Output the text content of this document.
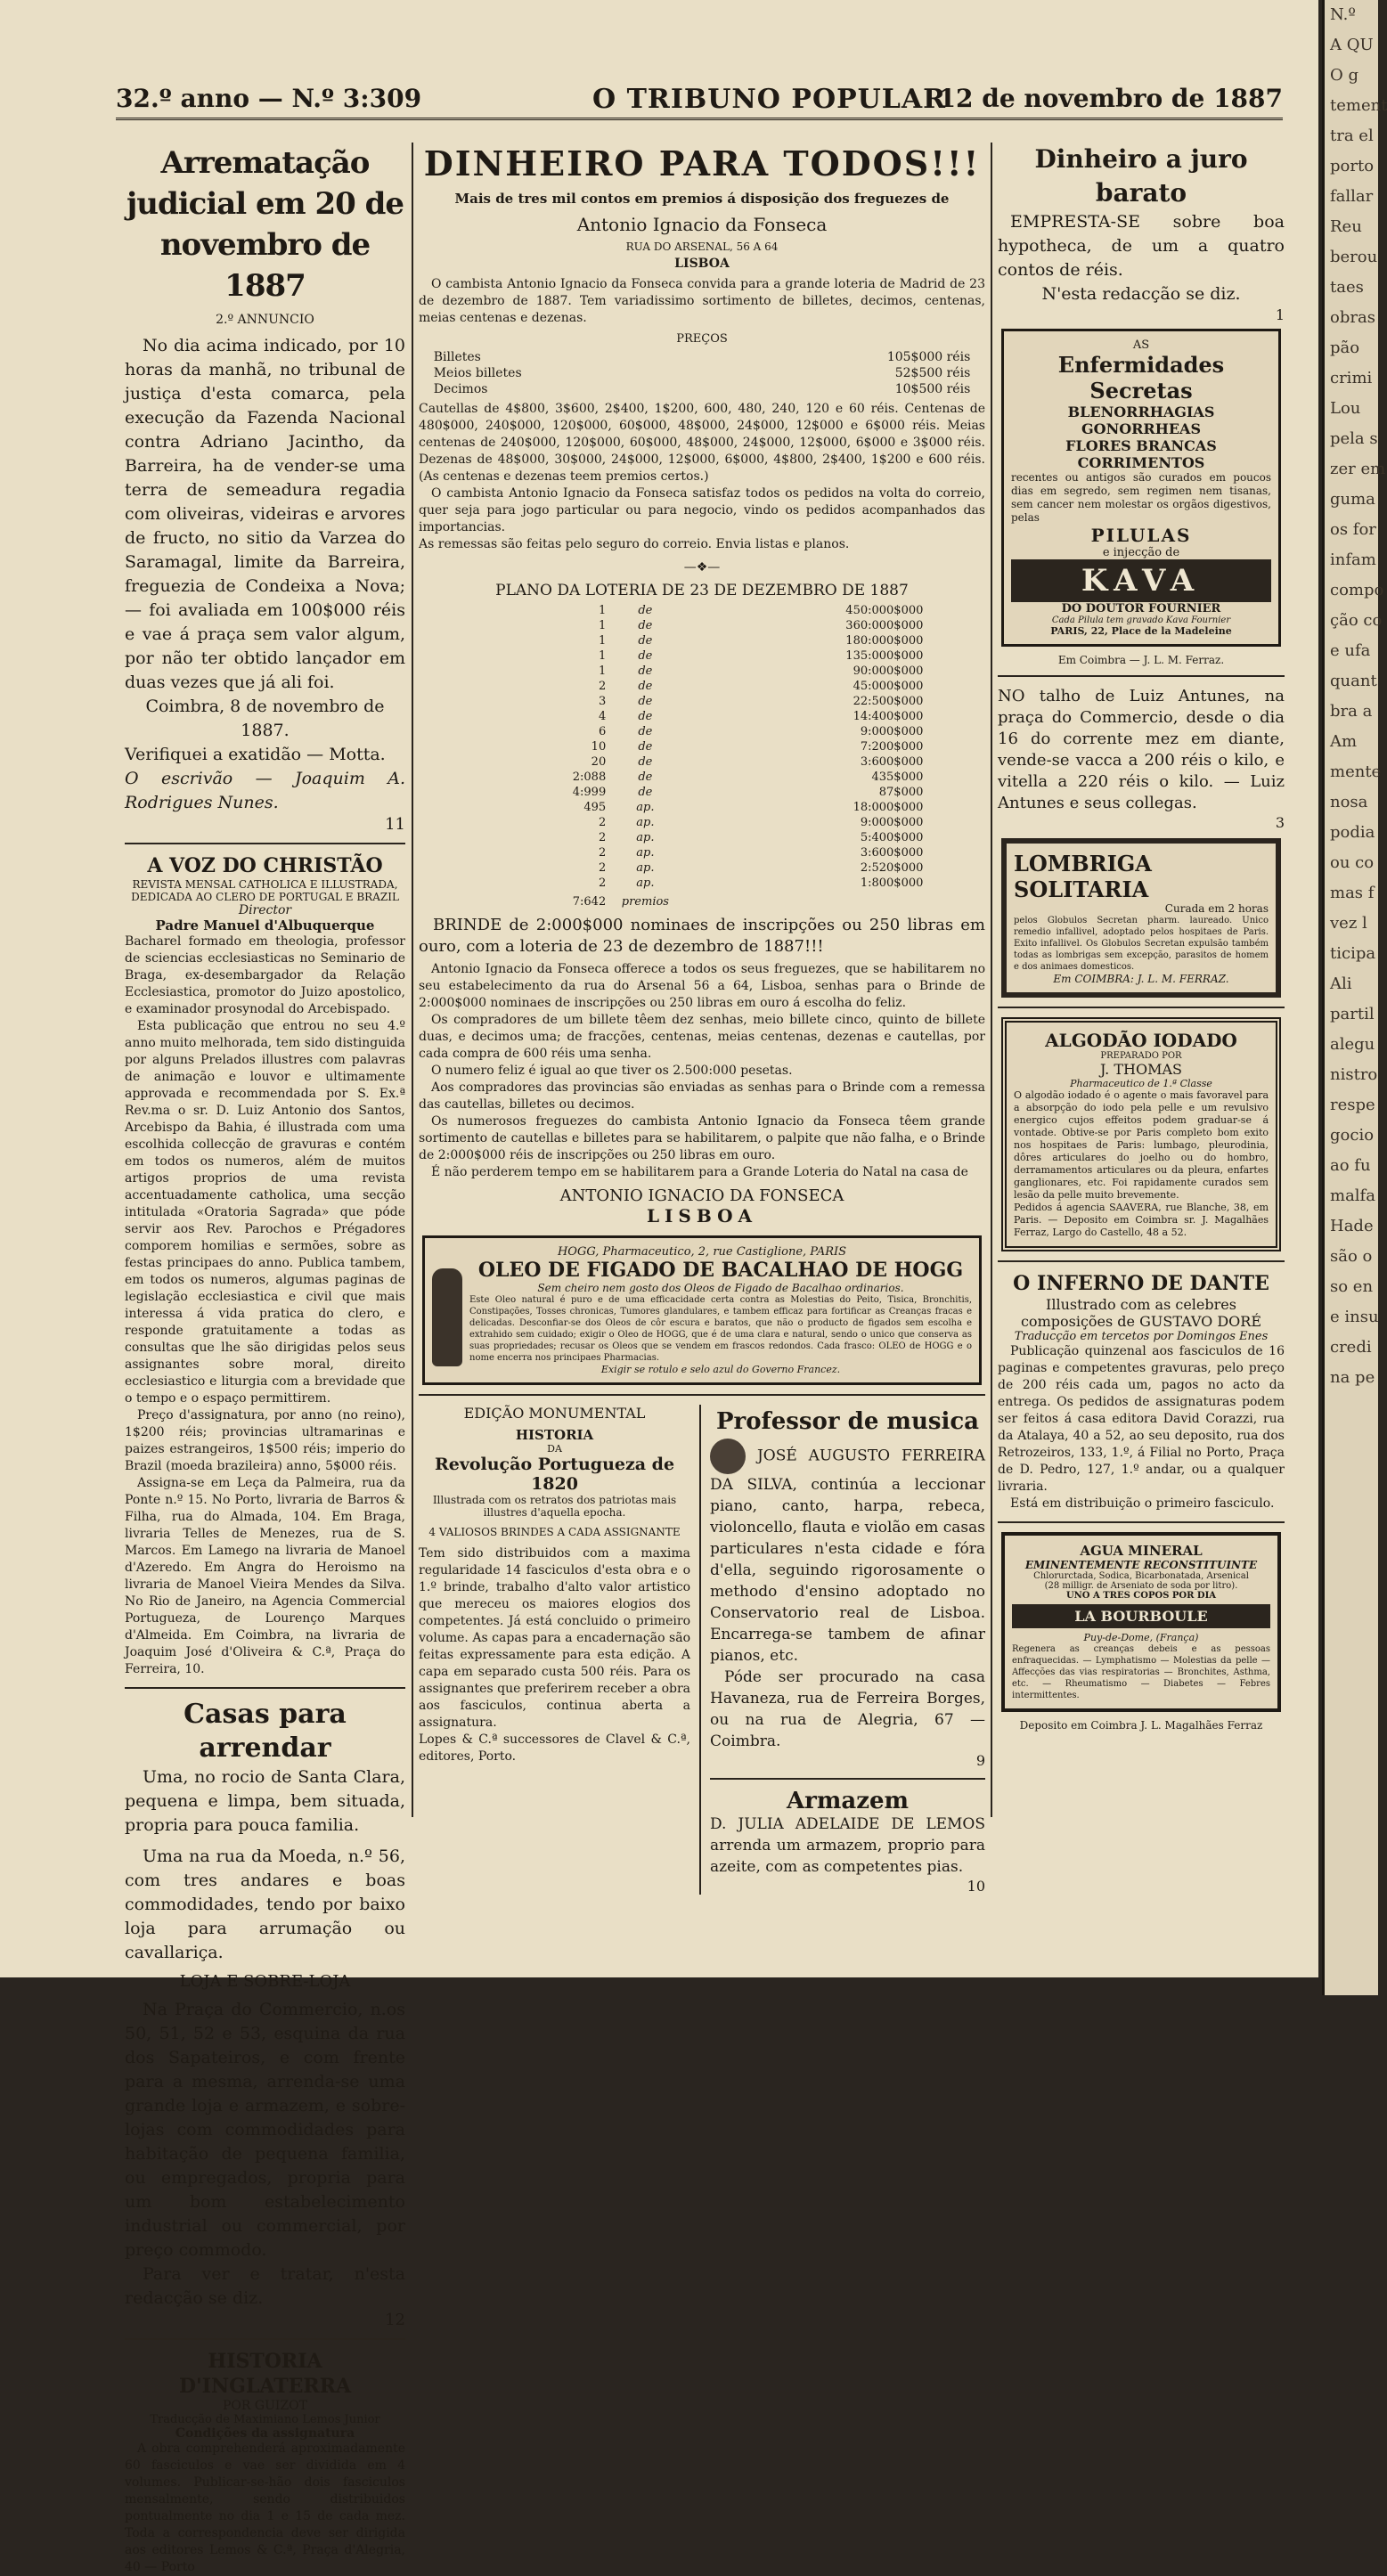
32.º anno — N.º 3:309	O TRIBUNO POPULAR
12 de novembro de 1887
Arrematação judicial em 20 de novembro de 1887
2.º ANNUNCIO

No dia acima indicado, por 10 horas da manhã, no tribunal de justiça d'esta comarca, pela execução da Fazenda Nacional contra Adriano Jacintho, da Barreira, ha de vender-se uma terra de semeadura regadia com oliveiras, videiras e arvores de fructo, no sitio da Varzea do Saramagal, limite da Barreira, freguezia de Condeixa a Nova; — foi avaliada em 100$000 réis e vae á praça sem valor algum, por não ter obtido lançador em duas vezes que já ali foi.

Coimbra, 8 de novembro de 1887.

Verifiquei a exatidão — Motta.

O escrivão — Joaquim A. Rodrigues Nunes.

11
A VOZ DO CHRISTÃO
REVISTA MENSAL CATHOLICA E ILLUSTRADA,
DEDICADA AO CLERO DE PORTUGAL E BRAZIL
Director
Padre Manuel d'Albuquerque

Bacharel formado em theologia, professor de sciencias ecclesiasticas no Seminario de Braga, ex-desembargador da Relação Ecclesiastica, promotor do Juizo apostolico, e examinador prosynodal do Arcebispado.

Esta publicação que entrou no seu 4.º anno muito melhorada, tem sido distinguida por alguns Prelados illustres com palavras de animação e louvor e ultimamente approvada e recommendada por S. Ex.ª Rev.ma o sr. D. Luiz Antonio dos Santos, Arcebispo da Bahia, é illustrada com uma escolhida collecção de gravuras e contém em todos os numeros, além de muitos artigos proprios de uma revista accentuadamente catholica, uma secção intitulada «Oratoria Sagrada» que póde servir aos Rev. Parochos e Prégadores comporem homilias e sermões, sobre as festas principaes do anno. Publica tambem, em todos os numeros, algumas paginas de legislação ecclesiastica e civil que mais interessa á vida pratica do clero, e responde gratuitamente a todas as consultas que lhe são dirigidas pelos seus assignantes sobre moral, direito ecclesiastico e liturgia com a brevidade que o tempo e o espaço permittirem.

Preço d'assignatura, por anno (no reino), 1$200 réis; provincias ultramarinas e paizes estrangeiros, 1$500 réis; imperio do Brazil (moeda brazileira) anno, 5$000 réis.

Assigna-se em Leça da Palmeira, rua da Ponte n.º 15. No Porto, livraria de Barros & Filha, rua do Almada, 104. Em Braga, livraria Telles de Menezes, rua de S. Marcos. Em Lamego na livraria de Manoel d'Azeredo. Em Angra do Heroismo na livraria de Manoel Vieira Mendes da Silva. No Rio de Janeiro, na Agencia Commercial Portugueza, de Lourenço Marques d'Almeida. Em Coimbra, na livraria de Joaquim José d'Oliveira & C.ª, Praça do Ferreira, 10.

Casas para arrendar

Uma, no rocio de Santa Clara, pequena e limpa, bem situada, propria para pouca familia.

Uma na rua da Moeda, n.º 56, com tres andares e boas commodidades, tendo por baixo loja para arrumação ou cavallariça.

LOJA E SOBRE-LOJA

Na Praça do Commercio, n.os 50, 51, 52 e 53, esquina da rua dos Sapateiros, e com frente para a mesma, arrenda-se uma grande loja e armazem, e sobre-lojas com commodidades para habitação de pequena familia, ou empregados, propria para um bom estabelecimento industrial ou commercial, por preço commodo.

Para ver e tratar, n'esta redacção se diz.

12
HISTORIA D'INGLATERRA
POR GUIZOT
Traducção de Maximiano Lemos Junior
Condições da assignatura

A obra comprehenderá aproximadamente 60 fasciculos e vae ser dividida em 4 volumes. Publicar-se-hão dois fasciculos mensalmente, sendo distribuidos pontualmente no dia 1 e 15 de cada mez. Toda a correspondencia deve ser dirigida aos editores Lemos & C.ª, Praça d'Alegria, 40 — Porto

DINHEIRO PARA TODOS!!!
Mais de tres mil contos em premios á disposição dos freguezes de
Antonio Ignacio da Fonseca
RUA DO ARSENAL, 56 A 64
LISBOA

O cambista Antonio Ignacio da Fonseca convida para a grande loteria de Madrid de 23 de dezembro de 1887. Tem variadissimo sortimento de billetes, decimos, centenas, meias centenas e dezenas.

PREÇOS
Billetes	105$000 réis
Meios billetes	52$500 réis
Decimos	10$500 réis

Cautellas de 4$800, 3$600, 2$400, 1$200, 600, 480, 240, 120 e 60 réis. Centenas de 480$000, 240$000, 120$000, 60$000, 48$000, 24$000, 12$000 e 6$000 réis. Meias centenas de 240$000, 120$000, 60$000, 48$000, 24$000, 12$000, 6$000 e 3$000 réis. Dezenas de 48$000, 30$000, 24$000, 12$000, 6$000, 4$800, 2$400, 1$200 e 600 réis. (As centenas e dezenas teem premios certos.)

O cambista Antonio Ignacio da Fonseca satisfaz todos os pedidos na volta do correio, quer seja para jogo particular ou para negocio, vindo os pedidos acompanhados das importancias.

As remessas são feitas pelo seguro do correio. Envia listas e planos.

—❖—
PLANO DA LOTERIA DE 23 DE DEZEMBRO DE 1887
1	de	450:000$000
1	de	360:000$000
1	de	180:000$000
1	de	135:000$000
1	de	90:000$000
2	de	45:000$000
3	de	22:500$000
4	de	14:400$000
6	de	9:000$000
10	de	7:200$000
20	de	3:600$000
2:088	de	435$000
4:999	de	87$000
495	ap.	18:000$000
2	ap.	9:000$000
2	ap.	5:400$000
2	ap.	3:600$000
2	ap.	2:520$000
2	ap.	1:800$000
7:642	premios	

BRINDE de 2:000$000 nominaes de inscripções ou 250 libras em ouro, com a loteria de 23 de dezembro de 1887!!!

Antonio Ignacio da Fonseca offerece a todos os seus freguezes, que se habilitarem no seu estabelecimento da rua do Arsenal 56 a 64, Lisboa, senhas para o Brinde de 2:000$000 nominaes de inscripções ou 250 libras em ouro á escolha do feliz.

Os compradores de um billete têem dez senhas, meio billete cinco, quinto de billete duas, e decimos uma; de fracções, centenas, meias centenas, dezenas e cautellas, por cada compra de 600 réis uma senha.

O numero feliz é igual ao que tiver os 2.500:000 pesetas.

Aos compradores das provincias são enviadas as senhas para o Brinde com a remessa das cautellas, billetes ou decimos.

Os numerosos freguezes do cambista Antonio Ignacio da Fonseca têem grande sortimento de cautellas e billetes para se habilitarem, o palpite que não falha, e o Brinde de 2:000$000 réis de inscripções ou 250 libras em ouro.

É não perderem tempo em se habilitarem para a Grande Loteria do Natal na casa de

ANTONIO IGNACIO DA FONSECA
LISBOA
HOGG, Pharmaceutico, 2, rue Castiglione, PARIS
OLEO DE FIGADO DE BACALHAO DE HOGG
Sem cheiro nem gosto dos Oleos de Figado de Bacalhao ordinarios.

Este Oleo natural é puro e de uma efficacidade certa contra as Molestias do Peito, Tisica, Bronchitis, Constipações, Tosses chronicas, Tumores glandulares, e tambem efficaz para fortificar as Creanças fracas e delicadas. Desconfiar-se dos Oleos de côr escura e baratos, que não o producto de figados sem escolha e extrahido sem cuidado; exigir o Oleo de HOGG, que é de uma clara e natural, sendo o unico que conserva as suas propriedades; recusar os Oleos que se vendem em frascos redondos. Cada frasco: OLEO de HOGG e o nome encerra nos principaes Pharmacias.

Exigir se rotulo e selo azul do Governo Francez.
EDIÇÃO MONUMENTAL
HISTORIA
DA
Revolução Portugueza de 1820
Illustrada com os retratos dos patriotas mais illustres d'aquella epocha.
4 VALIOSOS BRINDES A CADA ASSIGNANTE

Tem sido distribuidos com a maxima regularidade 14 fasciculos d'esta obra e o 1.º brinde, trabalho d'alto valor artistico que mereceu os maiores elogios dos competentes. Já está concluido o primeiro volume. As capas para a encadernação são feitas expressamente para esta edição. A capa em separado custa 500 réis. Para os assignantes que preferirem receber a obra aos fasciculos, continua aberta a assignatura.

Lopes & C.ª successores de Clavel & C.ª, editores, Porto.

Professor de musica

JOSÉ AUGUSTO FERREIRA DA SILVA, continúa a leccionar piano, canto, harpa, rebeca, violoncello, flauta e violão em casas particulares n'esta cidade e fóra d'ella, seguindo rigorosamente o methodo d'ensino adoptado no Conservatorio real de Lisboa. Encarrega-se tambem de afinar pianos, etc.

Póde ser procurado na casa Havaneza, rua de Ferreira Borges, ou na rua de Alegria, 67 — Coimbra.

9
Armazem

D. JULIA ADELAIDE DE LEMOS arrenda um armazem, proprio para azeite, com as competentes pias.

10
Dinheiro a juro barato

EMPRESTA-SE sobre boa hypotheca, de um a quatro contos de réis.

N'esta redacção se diz.

1
AS
Enfermidades Secretas
BLENORRHAGIAS
GONORRHEAS
FLORES BRANCAS
CORRIMENTOS

recentes ou antigos são curados em poucos dias em segredo, sem regimen nem tisanas, sem cancer nem molestar os orgãos digestivos, pelas

PILULAS
e injecção de
KAVA
DO DOUTOR FOURNIER
Cada Pilula tem gravado Kava Fournier
PARIS, 22, Place de la Madeleine
Em Coimbra — J. L. M. Ferraz.

NO talho de Luiz Antunes, na praça do Commercio, desde o dia 16 do corrente mez em diante, vende-se vacca a 200 réis o kilo, e vitella a 220 réis o kilo. — Luiz Antunes e seus collegas.

3
LOMBRIGA SOLITARIA
Curada em 2 horas

pelos Globulos Secretan pharm. laureado. Unico remedio infallivel, adoptado pelos hospitaes de Paris. Exito infallivel. Os Globulos Secretan expulsão também todas as lombrigas sem excepção, parasitos de homem e dos animaes domesticos.

Em COIMBRA: J. L. M. FERRAZ.
ALGODÃO IODADO
PREPARADO POR
J. THOMAS
Pharmaceutico de 1.ª Classe

O algodão iodado é o agente o mais favoravel para a absorpção do iodo pela pelle e um revulsivo energico cujos effeitos podem graduar-se á vontade. Obtive-se por Paris completo bom exito nos hospitaes de Paris: lumbago, pleurodinia, dôres articulares do joelho ou do hombro, derramamentos articulares ou da pleura, enfartes ganglionares, etc. Foi rapidamente curados sem lesão da pelle muito brevemente.

Pedidos á agencia SAAVERA, rue Blanche, 38, em Paris. — Deposito em Coimbra sr. J. Magalhães Ferraz, Largo do Castello, 48 a 52.

O INFERNO DE DANTE
Illustrado com as celebres composições de GUSTAVO DORÉ
Traducção em tercetos por Domingos Enes

Publicação quinzenal aos fasciculos de 16 paginas e competentes gravuras, pelo preço de 200 réis cada um, pagos no acto da entrega. Os pedidos de assignaturas podem ser feitos á casa editora David Corazzi, rua da Atalaya, 40 a 52, ao seu deposito, rua dos Retrozeiros, 133, 1.º, á Filial no Porto, Praça de D. Pedro, 127, 1.º andar, ou a qualquer livraria.

Está em distribuição o primeiro fasciculo.

AGUA MINERAL
EMINENTEMENTE RECONSTITUINTE
Chlorurctada, Sodica, Bicarbonatada, Arsenical
(28 milligr. de Arseniato de soda por litro).
UNO A TRES COPOS POR DIA
LA BOURBOULE
Puy-de-Dome, (França)

Regenera as creanças debeis e as pessoas enfraquecidas. — Lymphatismo — Molestias da pelle — Affecções das vias respiratorias — Bronchites, Asthma, etc. — Rheumatismo — Diabetes — Febres intermittentes.

Deposito em Coimbra J. L. Magalhães Ferraz
N.º
A QU
O g
tement
tra el
porto
fallar
Reu
berou
taes
obras
pão
crimi
Lou
pela s
zer em
guma
os for
infam
compo
ção co
e ufa
quant
bra a
Am
mente
nosa
podia
ou co
mas f
vez l
ticipa
Ali
partil
alegu
nistro
respe
gocio
ao fu
malfa
Hade
são o
so en
e insu
credi
na pe
